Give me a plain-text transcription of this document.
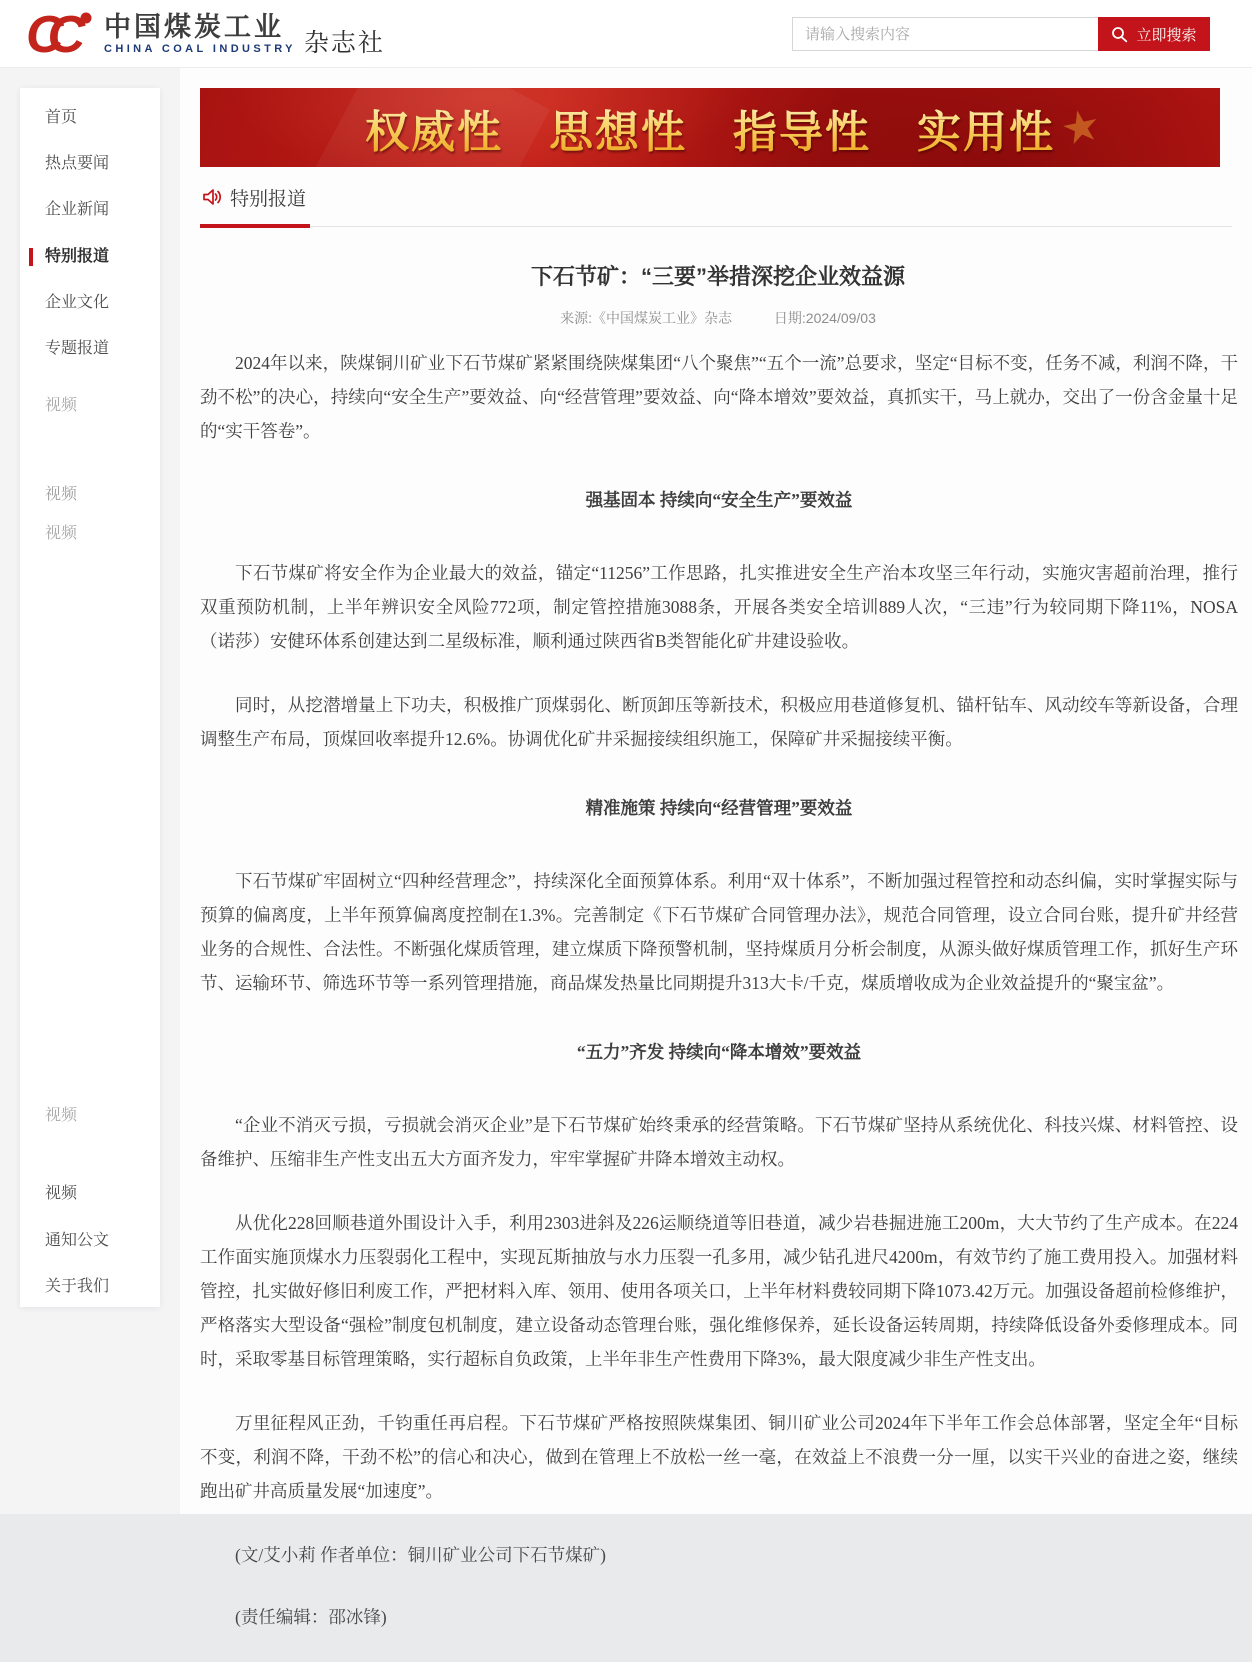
CC	中国煤炭工业
CHINA COAL INDUSTRY 杂志社
请输入搜索内容	立即搜索
首页
热点要闻
企业新闻
特别报道
企业文化
专题报道
视频
视频
视频
视频
视频
通知公文
关于我们
权威性　思想性　指导性　实用性 ★
特别报道
下石节矿：“三要”举措深挖企业效益源
来源:《中国煤炭工业》杂志	日期:2024/09/03

2024年以来，陕煤铜川矿业下石节煤矿紧紧围绕陕煤集团“八个聚焦”“五个一流”总要求，坚定“目标不变，任务不减，利润不降，干劲不松”的决心，持续向“安全生产”要效益、向“经营管理”要效益、向“降本增效”要效益，真抓实干，马上就办，交出了一份含金量十足的“实干答卷”。

强基固本 持续向“安全生产”要效益

下石节煤矿将安全作为企业最大的效益，锚定“11256”工作思路，扎实推进安全生产治本攻坚三年行动，实施灾害超前治理，推行双重预防机制，上半年辨识安全风险772项，制定管控措施3088条，开展各类安全培训889人次，“三违”行为较同期下降11%，NOSA（诺莎）安健环体系创建达到二星级标准，顺利通过陕西省B类智能化矿井建设验收。

同时，从挖潜增量上下功夫，积极推广顶煤弱化、断顶卸压等新技术，积极应用巷道修复机、锚杆钻车、风动绞车等新设备，合理调整生产布局，顶煤回收率提升12.6%。协调优化矿井采掘接续组织施工，保障矿井采掘接续平衡。

精准施策 持续向“经营管理”要效益

下石节煤矿牢固树立“四种经营理念”，持续深化全面预算体系。利用“双十体系”，不断加强过程管控和动态纠偏，实时掌握实际与预算的偏离度，上半年预算偏离度控制在1.3%。完善制定《下石节煤矿合同管理办法》，规范合同管理，设立合同台账，提升矿井经营业务的合规性、合法性。不断强化煤质管理，建立煤质下降预警机制，坚持煤质月分析会制度，从源头做好煤质管理工作，抓好生产环节、运输环节、筛选环节等一系列管理措施，商品煤发热量比同期提升313大卡/千克，煤质增收成为企业效益提升的“聚宝盆”。

“五力”齐发 持续向“降本增效”要效益

“企业不消灭亏损，亏损就会消灭企业”是下石节煤矿始终秉承的经营策略。下石节煤矿坚持从系统优化、科技兴煤、材料管控、设备维护、压缩非生产性支出五大方面齐发力，牢牢掌握矿井降本增效主动权。

从优化228回顺巷道外围设计入手，利用2303进斜及226运顺绕道等旧巷道，减少岩巷掘进施工200m，大大节约了生产成本。在224工作面实施顶煤水力压裂弱化工程中，实现瓦斯抽放与水力压裂一孔多用，减少钻孔进尺4200m，有效节约了施工费用投入。加强材料管控，扎实做好修旧利废工作，严把材料入库、领用、使用各项关口，上半年材料费较同期下降1073.42万元。加强设备超前检修维护，严格落实大型设备“强检”制度包机制度，建立设备动态管理台账，强化维修保养，延长设备运转周期，持续降低设备外委修理成本。同时，采取零基目标管理策略，实行超标自负政策，上半年非生产性费用下降3%，最大限度减少非生产性支出。

万里征程风正劲，千钧重任再启程。下石节煤矿严格按照陕煤集团、铜川矿业公司2024年下半年工作会总体部署，坚定全年“目标不变，利润不降，干劲不松”的信心和决心，做到在管理上不放松一丝一毫，在效益上不浪费一分一厘，以实干兴业的奋进之姿，继续跑出矿井高质量发展“加速度”。

(文/艾小莉 作者单位：铜川矿业公司下石节煤矿)

(责任编辑：邵冰锋)
